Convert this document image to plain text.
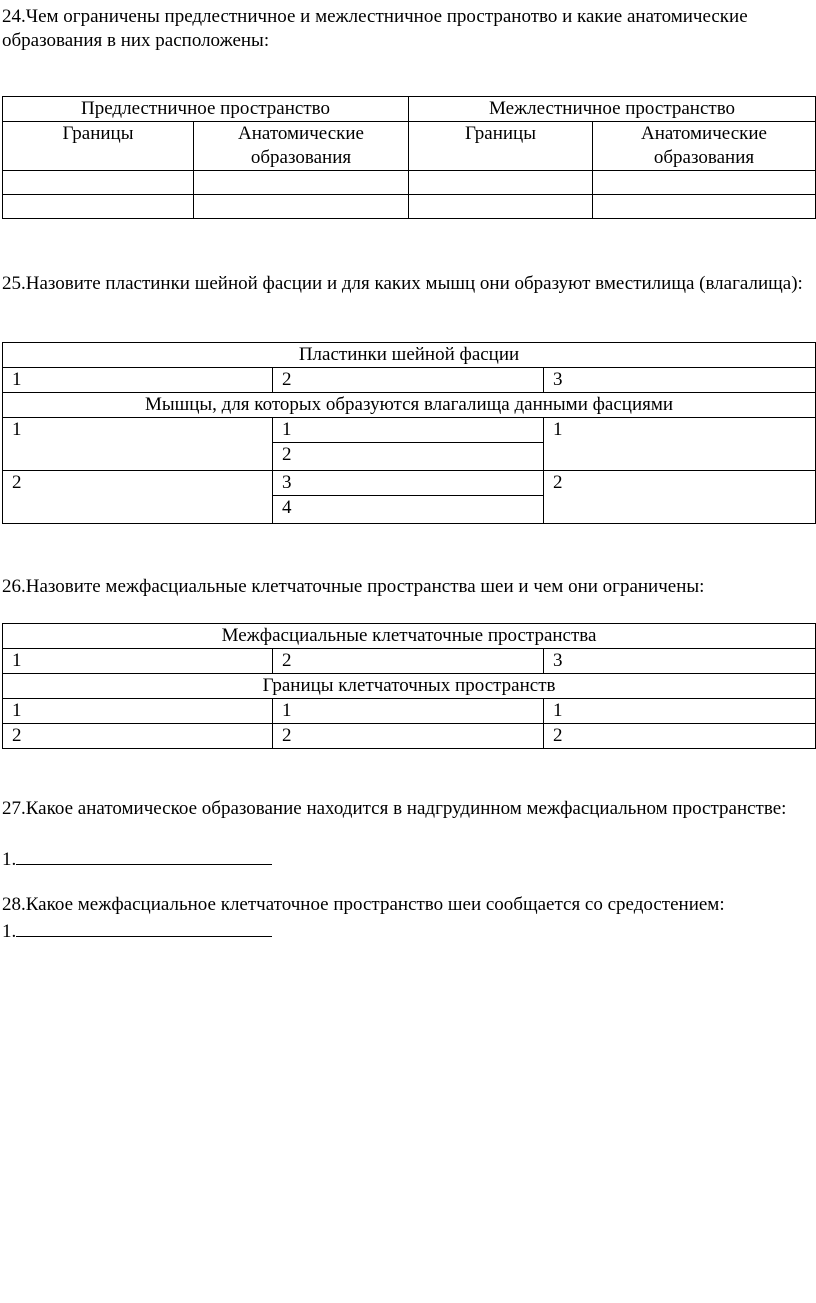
24.Чем ограничены предлестничное и межлестничное пространотво и какие анатомические образования в них расположены:

Предлестничное пространство		Межлестничное пространство	
Границы	Анатомические образования	Границы	Анатомические образования

25.Назовите пластинки шейной фасции и для каких мышц они образуют вместилища (влагалища):

Пластинки шейной фасции		
1	2	3
Мышцы, для которых образуются влагалища данными фасциями		
1	1	1
	2	
2	3	2
	4	

26.Назовите межфасциальные клетчаточные пространства шеи и чем они ограничены:

Межфасциальные клетчаточные пространства		
1	2	3
Границы клетчаточных пространств		
1	1	1
2	2	2

27.Какое анатомическое образование находится в надгрудинном межфасциальном пространстве:

1.

28.Какое межфасциальное клетчаточное пространство шеи сообщается со средостением:

1.
